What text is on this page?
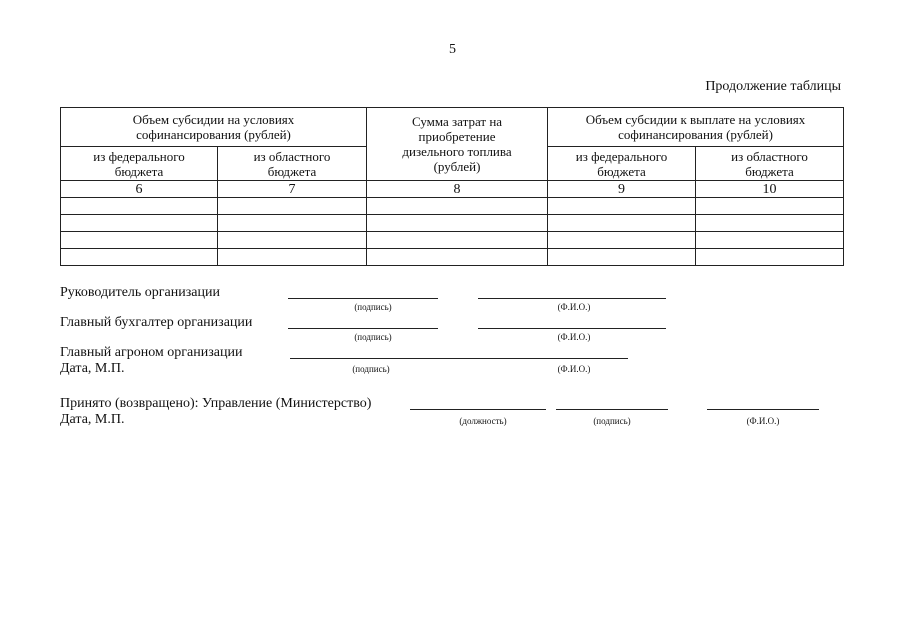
5
Продолжение таблицы
Объем субсидии на условиях софинансирования (рублей)		Сумма затрат на приобретение дизельного топлива (рублей)	Объем субсидии к выплате на условиях софинансирования (рублей)	
из федерального бюджета	из областного бюджета		из федерального бюджета	из областного бюджета
6	7	8	9	10

Руководитель организации
(подпись)	(Ф.И.О.)
Главный бухгалтер организации
(подпись)	(Ф.И.О.)
Главный агроном организации
Дата, М.П.	(подпись)	(Ф.И.О.)
Принято (возвращено): Управление (Министерство)
Дата, М.П.	(должность)	(подпись)	(Ф.И.О.)
